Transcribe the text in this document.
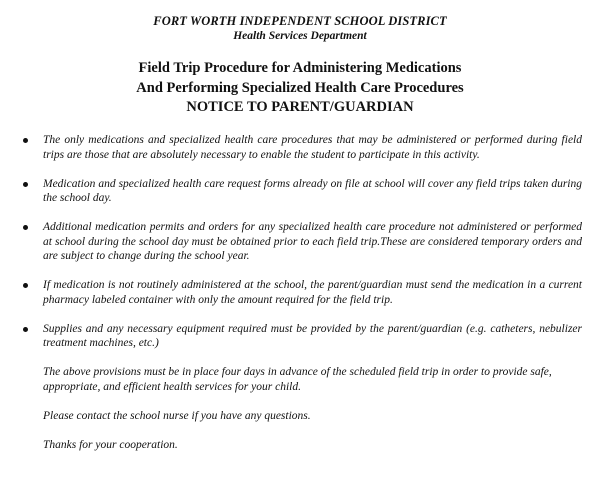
FORT WORTH INDEPENDENT SCHOOL DISTRICT
Health Services Department
Field Trip Procedure for Administering Medications
And Performing Specialized Health Care Procedures
NOTICE TO PARENT/GUARDIAN
The only medications and specialized health care procedures that may be administered or performed during field trips are those that are absolutely necessary to enable the student to participate in this activity.
Medication and specialized health care request forms already on file at school will cover any field trips taken during the school day.
Additional medication permits and orders for any specialized health care procedure not administered or performed at school during the school day must be obtained prior to each field trip.These are considered temporary orders and are subject to change during the school year.
If medication is not routinely administered at the school, the parent/guardian must send the medication in a current pharmacy labeled container with only the amount required for the field trip.
Supplies and any necessary equipment required must be provided by the parent/guardian (e.g. catheters, nebulizer treatment machines, etc.)

The above provisions must be in place four days in advance of the scheduled field trip in order to provide safe, appropriate, and efficient health services for your child.

Please contact the school nurse if you have any questions.

Thanks for your cooperation.
